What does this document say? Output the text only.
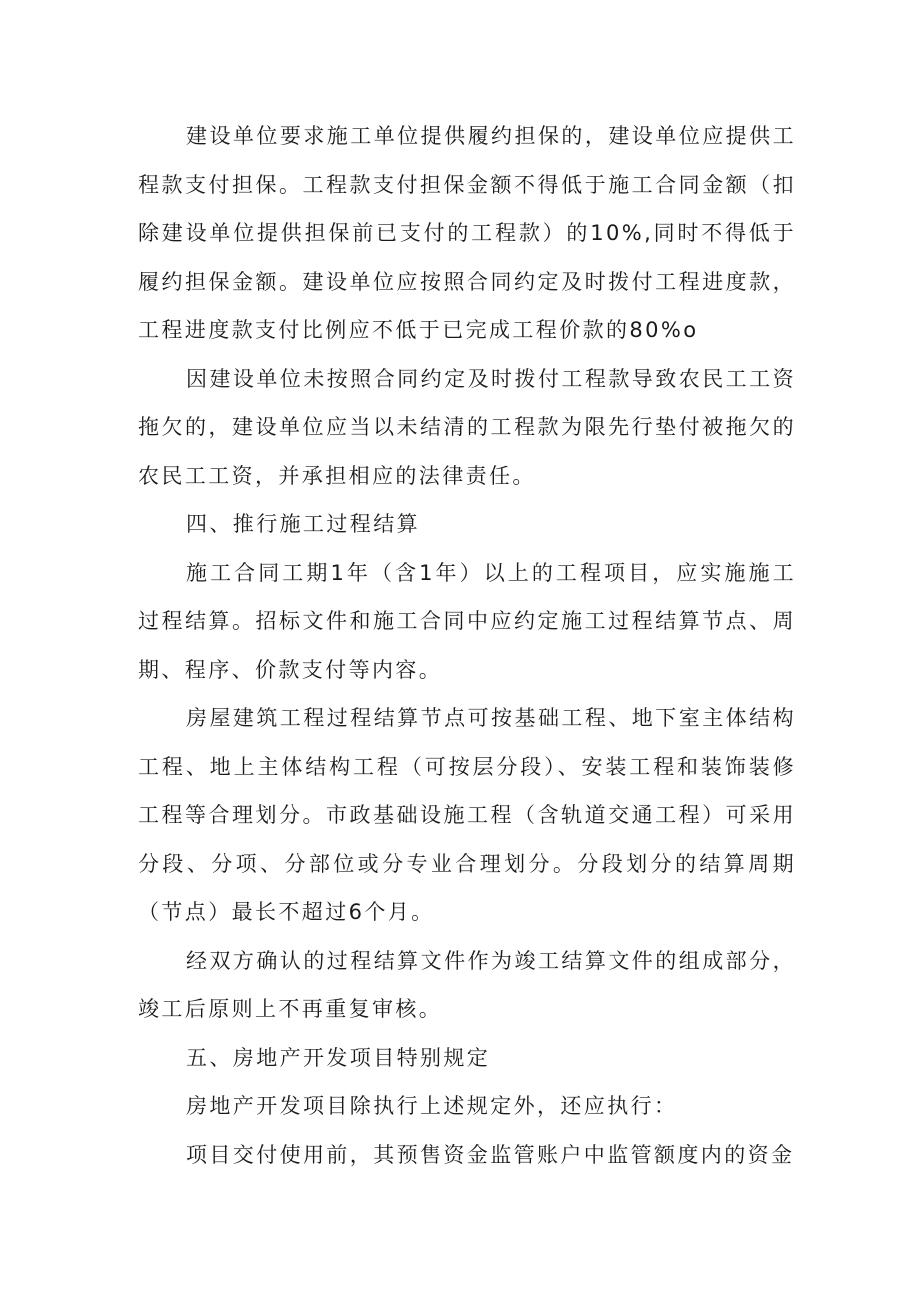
建设单位要求施工单位提供履约担保的，建设单位应提供工程款支付担保。工程款支付担保金额不得低于施工合同金额（扣除建设单位提供担保前已支付的工程款）的10%,同时不得低于履约担保金额。建设单位应按照合同约定及时拨付工程进度款，工程进度款支付比例应不低于已完成工程价款的80%o

因建设单位未按照合同约定及时拨付工程款导致农民工工资拖欠的，建设单位应当以未结清的工程款为限先行垫付被拖欠的农民工工资，并承担相应的法律责任。

四、推行施工过程结算

施工合同工期1年（含1年）以上的工程项目，应实施施工过程结算。招标文件和施工合同中应约定施工过程结算节点、周期、程序、价款支付等内容。

房屋建筑工程过程结算节点可按基础工程、地下室主体结构工程、地上主体结构工程（可按层分段）、安装工程和装饰装修工程等合理划分。市政基础设施工程（含轨道交通工程）可采用分段、分项、分部位或分专业合理划分。分段划分的结算周期（节点）最长不超过6个月。

经双方确认的过程结算文件作为竣工结算文件的组成部分，竣工后原则上不再重复审核。

五、房地产开发项目特别规定

房地产开发项目除执行上述规定外，还应执行：

项目交付使用前，其预售资金监管账户中监管额度内的资金
